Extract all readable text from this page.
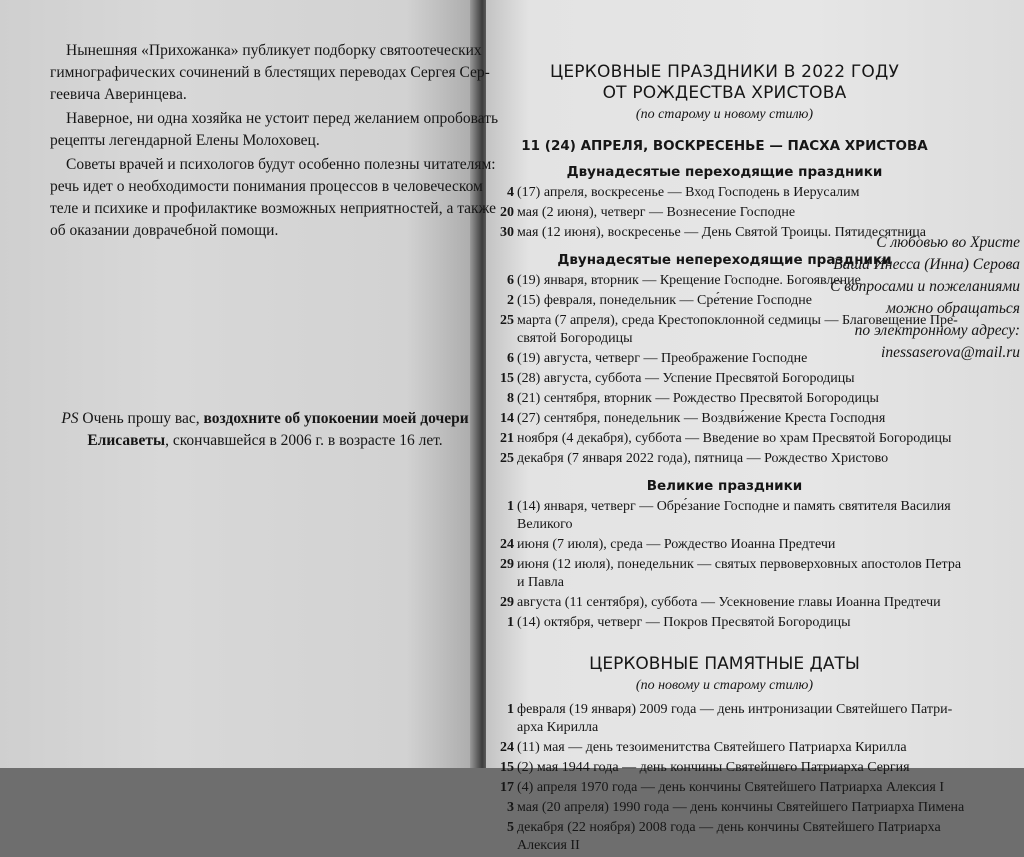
Нынешняя «Прихожанка» публикует подборку святоотеческих
гимнографических сочинений в блестящих переводах Сергея Сер-
геевича Аверинцева.

Наверное, ни одна хозяйка не устоит перед желанием опробовать
рецепты легендарной Елены Молоховец.

Советы врачей и психологов будут особенно полезны читателям:
речь идет о необходимости понимания процессов в человеческом
теле и психике и профилактике возможных неприятностей, а также
об оказании доврачебной помощи.

С любовью во Христе
Ваша Инесса (Инна) Серова
С вопросами и пожеланиями
можно обращаться
по электронному адресу:
inessaserova@mail.ru
PS Очень прошу вас, воздохните об упокоении моей дочери
Елисаветы, скончавшейся в 2006 г. в возрасте 16 лет.
ЦЕРКОВНЫЕ ПРАЗДНИКИ В 2022 ГОДУ
ОТ РОЖДЕСТВА ХРИСТОВА
(по старому и новому стилю)
11 (24) АПРЕЛЯ, ВОСКРЕСЕНЬЕ — ПАСХА ХРИСТОВА
Двунадесятые переходящие праздники
4 (17) апреля, воскресенье — Вход Господень в Иерусалим
20 мая (2 июня), четверг — Вознесение Господне
30 мая (12 июня), воскресенье — День Святой Троицы. Пятидесятница
Двунадесятые непереходящие праздники
6 (19) января, вторник — Крещение Господне. Богоявление
2 (15) февраля, понедельник — Сре́тение Господне
25 марта (7 апреля), среда Крестопоклонной седмицы — Благовещение Пре-
святой Богородицы
6 (19) августа, четверг — Преображение Господне
15 (28) августа, суббота — Успение Пресвятой Богородицы
8 (21) сентября, вторник — Рождество Пресвятой Богородицы
14 (27) сентября, понедельник — Воздви́жение Креста Господня
21 ноября (4 декабря), суббота — Введение во храм Пресвятой Богородицы
25 декабря (7 января 2022 года), пятница — Рождество Христово
Великие праздники
1 (14) января, четверг — Обре́зание Господне и память святителя Василия
Великого
24 июня (7 июля), среда — Рождество Иоанна Предтечи
29 июня (12 июля), понедельник — святых первоверховных апостолов Петра
и Павла
29 августа (11 сентября), суббота — Усекновение главы Иоанна Предтечи
1 (14) октября, четверг — Покров Пресвятой Богородицы
ЦЕРКОВНЫЕ ПАМЯТНЫЕ ДАТЫ
(по новому и старому стилю)
1 февраля (19 января) 2009 года — день интронизации Святейшего Патри-
арха Кирилла
24 (11) мая — день тезоименитства Святейшего Патриарха Кирилла
15 (2) мая 1944 года — день кончины Святейшего Патриарха Сергия
17 (4) апреля 1970 года — день кончины Святейшего Патриарха Алексия I
3 мая (20 апреля) 1990 года — день кончины Святейшего Патриарха Пимена
5 декабря (22 ноября) 2008 года — день кончины Святейшего Патриарха
Алексия II
